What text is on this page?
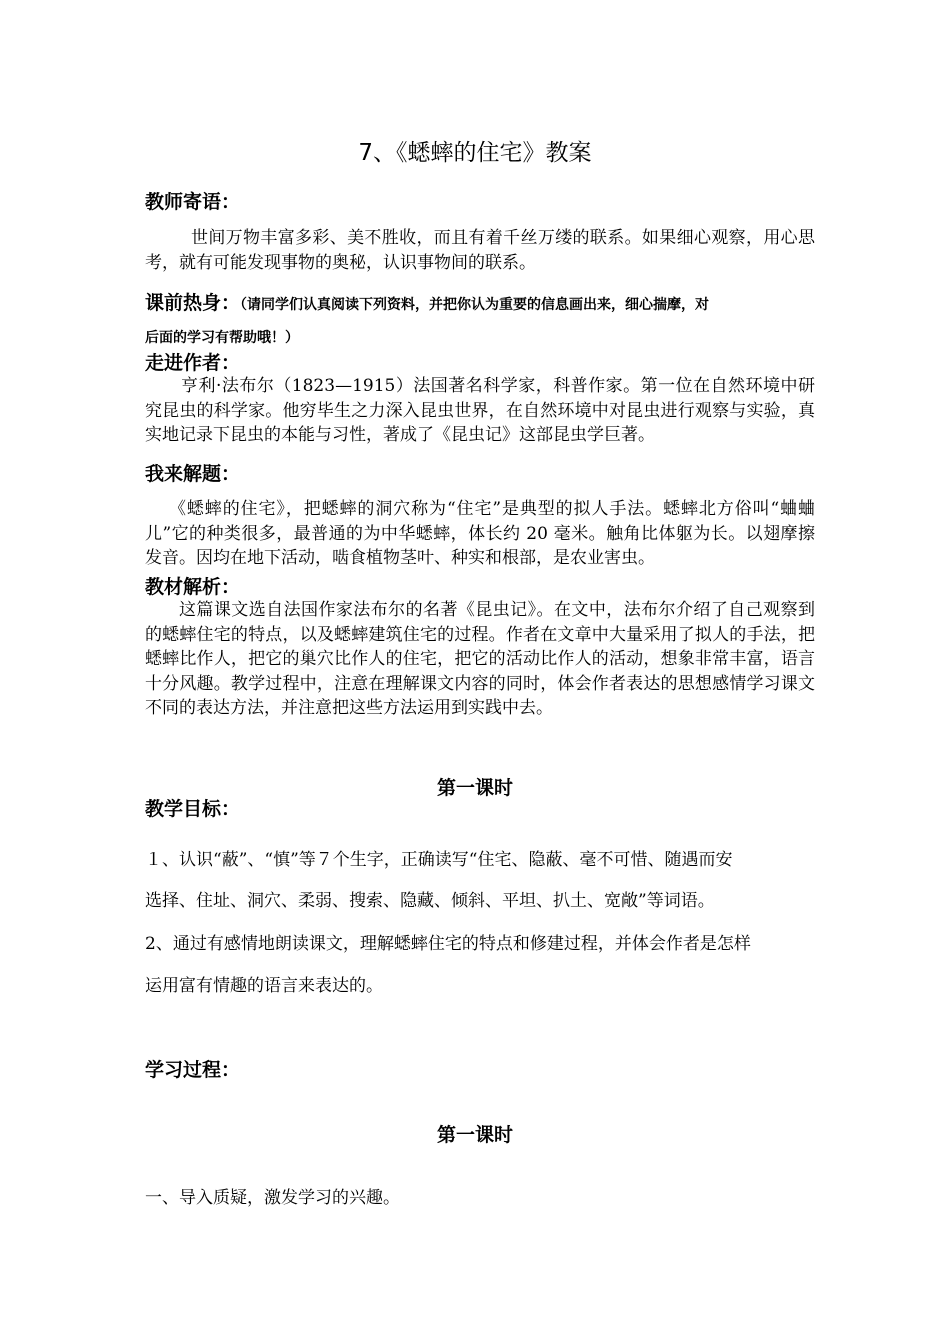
7、《蟋蟀的住宅》教案
教师寄语：

世间万物丰富多彩、美不胜收，而且有着千丝万缕的联系。如果细心观察，用心思考，就有可能发现事物的奥秘，认识事物间的联系。

课前热身：（请同学们认真阅读下列资料，并把你认为重要的信息画出来，细心揣摩，对
后面的学习有帮助哦！）
走进作者：

亨利·法布尔（1823—1915）法国著名科学家，科普作家。第一位在自然环境中研究昆虫的科学家。他穷毕生之力深入昆虫世界，在自然环境中对昆虫进行观察与实验，真实地记录下昆虫的本能与习性，著成了《昆虫记》这部昆虫学巨著。

我来解题：

《蟋蟀的住宅》，把蟋蟀的洞穴称为“住宅”是典型的拟人手法。蟋蟀北方俗叫“蛐蛐儿”它的种类很多，最普通的为中华蟋蟀，体长约 20 毫米。触角比体躯为长。以翅摩擦发音。因均在地下活动，啮食植物茎叶、种实和根部，是农业害虫。

教材解析：

这篇课文选自法国作家法布尔的名著《昆虫记》。在文中，法布尔介绍了自己观察到的蟋蟀住宅的特点，以及蟋蟀建筑住宅的过程。作者在文章中大量采用了拟人的手法，把蟋蟀比作人，把它的巢穴比作人的住宅，把它的活动比作人的活动，想象非常丰富，语言十分风趣。教学过程中，注意在理解课文内容的同时，体会作者表达的思想感情学习课文不同的表达方法，并注意把这些方法运用到实践中去。

第一课时
教学目标：

１、认识“蔽”、“慎”等７个生字，正确读写“住宅、隐蔽、毫不可惜、随遇而安

选择、住址、洞穴、柔弱、搜索、隐藏、倾斜、平坦、扒土、宽敞”等词语。

2、通过有感情地朗读课文，理解蟋蟀住宅的特点和修建过程，并体会作者是怎样

运用富有情趣的语言来表达的。

学习过程：
第一课时

一、导入质疑，激发学习的兴趣。
